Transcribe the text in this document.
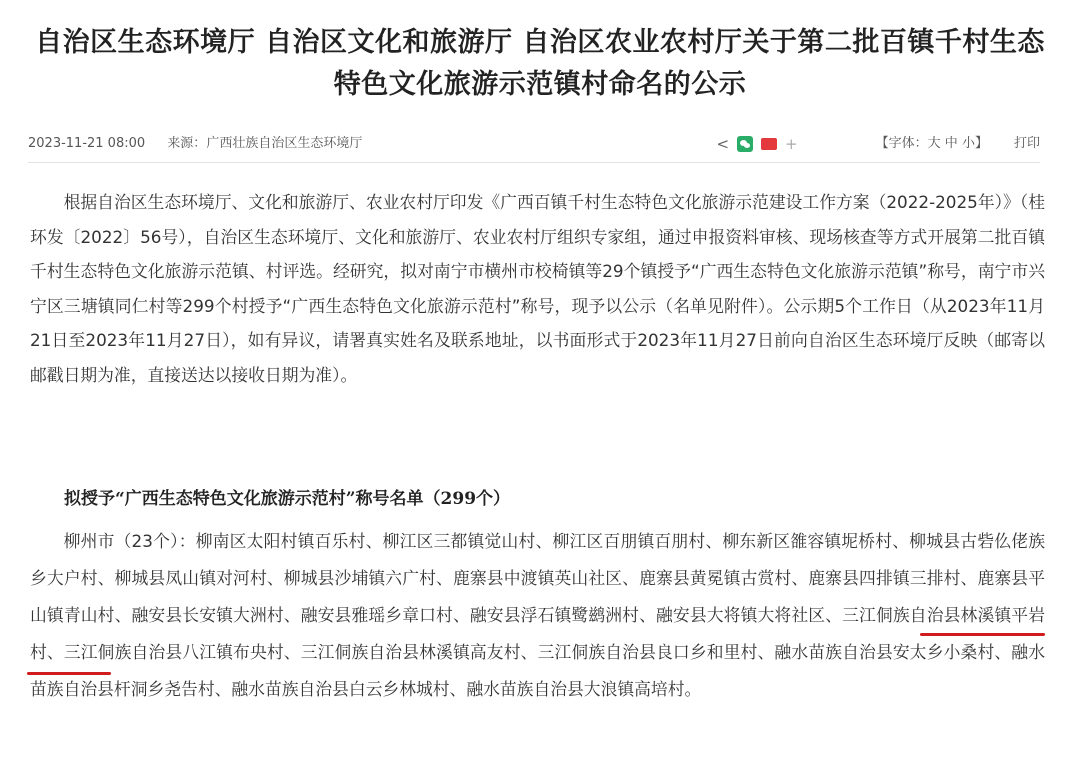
自治区生态环境厅 自治区文化和旅游厅 自治区农业农村厅关于第二批百镇千村生态
特色文化旅游示范镇村命名的公示
2023-11-21 08:00 来源：广西壮族自治区生态环境厅	<	+	【字体：大 中 小】 打印

根据自治区生态环境厅、文化和旅游厅、农业农村厅印发《广西百镇千村生态特色文化旅游示范建设工作方案（2022-2025年）》（桂环发〔2022〕56号），自治区生态环境厅、文化和旅游厅、农业农村厅组织专家组，通过申报资料审核、现场核查等方式开展第二批百镇千村生态特色文化旅游示范镇、村评选。经研究，拟对南宁市横州市校椅镇等29个镇授予“广西生态特色文化旅游示范镇”称号，南宁市兴宁区三塘镇同仁村等299个村授予“广西生态特色文化旅游示范村”称号，现予以公示（名单见附件）。公示期5个工作日（从2023年11月21日至2023年11月27日），如有异议，请署真实姓名及联系地址，以书面形式于2023年11月27日前向自治区生态环境厅反映（邮寄以邮戳日期为准，直接送达以接收日期为准）。

拟授予“广西生态特色文化旅游示范村”称号名单（299个）

柳州市（23个）：柳南区太阳村镇百乐村、柳江区三都镇觉山村、柳江区百朋镇百朋村、柳东新区雒容镇坭桥村、柳城县古砦仫佬族乡大户村、柳城县凤山镇对河村、柳城县沙埔镇六广村、鹿寨县中渡镇英山社区、鹿寨县黄冕镇古赏村、鹿寨县四排镇三排村、鹿寨县平山镇青山村、融安县长安镇大洲村、融安县雅瑶乡章口村、融安县浮石镇鹭鹚洲村、融安县大将镇大将社区、三江侗族自治县林溪镇平岩村、三江侗族自治县八江镇布央村、三江侗族自治县林溪镇高友村、三江侗族自治县良口乡和里村、融水苗族自治县安太乡小桑村、融水苗族自治县杆洞乡尧告村、融水苗族自治县白云乡林城村、融水苗族自治县大浪镇高培村。
